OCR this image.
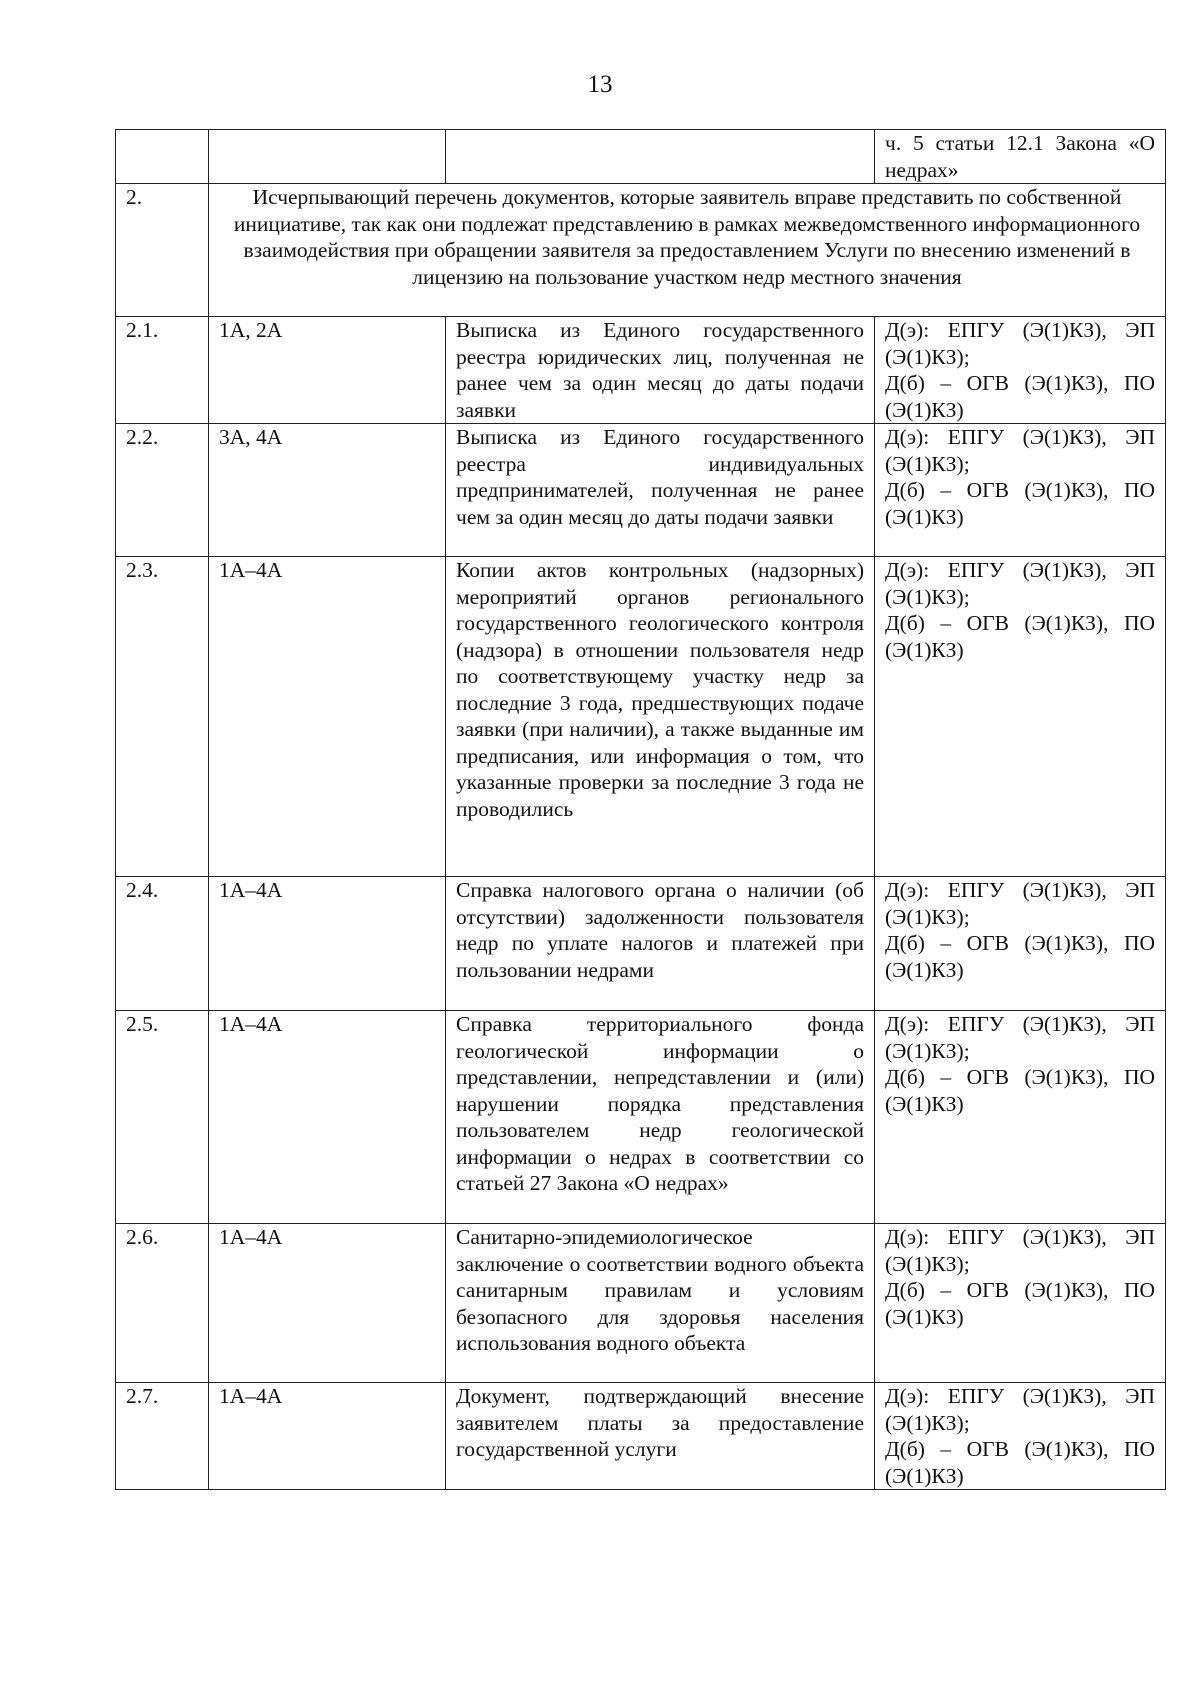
13
			ч. 5 статьи 12.1 Закона «О недрах»
2.	Исчерпывающий перечень документов, которые заявитель вправе представить по собственной инициативе, так как они подлежат представлению в рамках межведомственного информационного взаимодействия при обращении заявителя за предоставлением Услуги по внесению изменений в лицензию на пользование участком недр местного значения		
2.1.	1А, 2А	Выписка из Единого государственного реестра юридических лиц, полученная не ранее чем за один месяц до даты подачи заявки	Д(э): ЕПГУ (Э(1)КЗ), ЭП (Э(1)КЗ);
Д(б) – ОГВ (Э(1)КЗ), ПО (Э(1)КЗ)

2.2.	3А, 4А	Выписка из Единого государственного реестра индивидуальных предпринимателей, полученная не ранее чем за один месяц до даты подачи заявки	Д(э): ЕПГУ (Э(1)КЗ), ЭП (Э(1)КЗ);
Д(б) – ОГВ (Э(1)КЗ), ПО (Э(1)КЗ)

2.3.	1А–4А	Копии актов контрольных (надзорных) мероприятий органов регионального государственного геологического контроля (надзора) в отношении пользователя недр по соответствующему участку недр за последние 3 года, предшествующих подаче заявки (при наличии), а также выданные им предписания, или информация о том, что указанные проверки за последние 3 года не проводились	Д(э): ЕПГУ (Э(1)КЗ), ЭП (Э(1)КЗ);
Д(б) – ОГВ (Э(1)КЗ), ПО (Э(1)КЗ)

2.4.	1А–4А	Справка налогового органа о наличии (об отсутствии) задолженности пользователя недр по уплате налогов и платежей при пользовании недрами	Д(э): ЕПГУ (Э(1)КЗ), ЭП (Э(1)КЗ);
Д(б) – ОГВ (Э(1)КЗ), ПО (Э(1)КЗ)

2.5.	1А–4А	Справка территориального фонда геологической информации о представлении, непредставлении и (или) нарушении порядка представления пользователем недр геологической информации о недрах в соответствии со статьей 27 Закона «О недрах»	Д(э): ЕПГУ (Э(1)КЗ), ЭП (Э(1)КЗ);
Д(б) – ОГВ (Э(1)КЗ), ПО (Э(1)КЗ)

2.6.	1А–4А	Санитарно-эпидемиологическое заключение о соответствии водного объекта санитарным правилам и условиям безопасного для здоровья населения использования водного объекта	Д(э): ЕПГУ (Э(1)КЗ), ЭП (Э(1)КЗ);
Д(б) – ОГВ (Э(1)КЗ), ПО (Э(1)КЗ)

2.7.	1А–4А	Документ, подтверждающий внесение заявителем платы за предоставление государственной услуги	Д(э): ЕПГУ (Э(1)КЗ), ЭП (Э(1)КЗ);
Д(б) – ОГВ (Э(1)КЗ), ПО (Э(1)КЗ)
